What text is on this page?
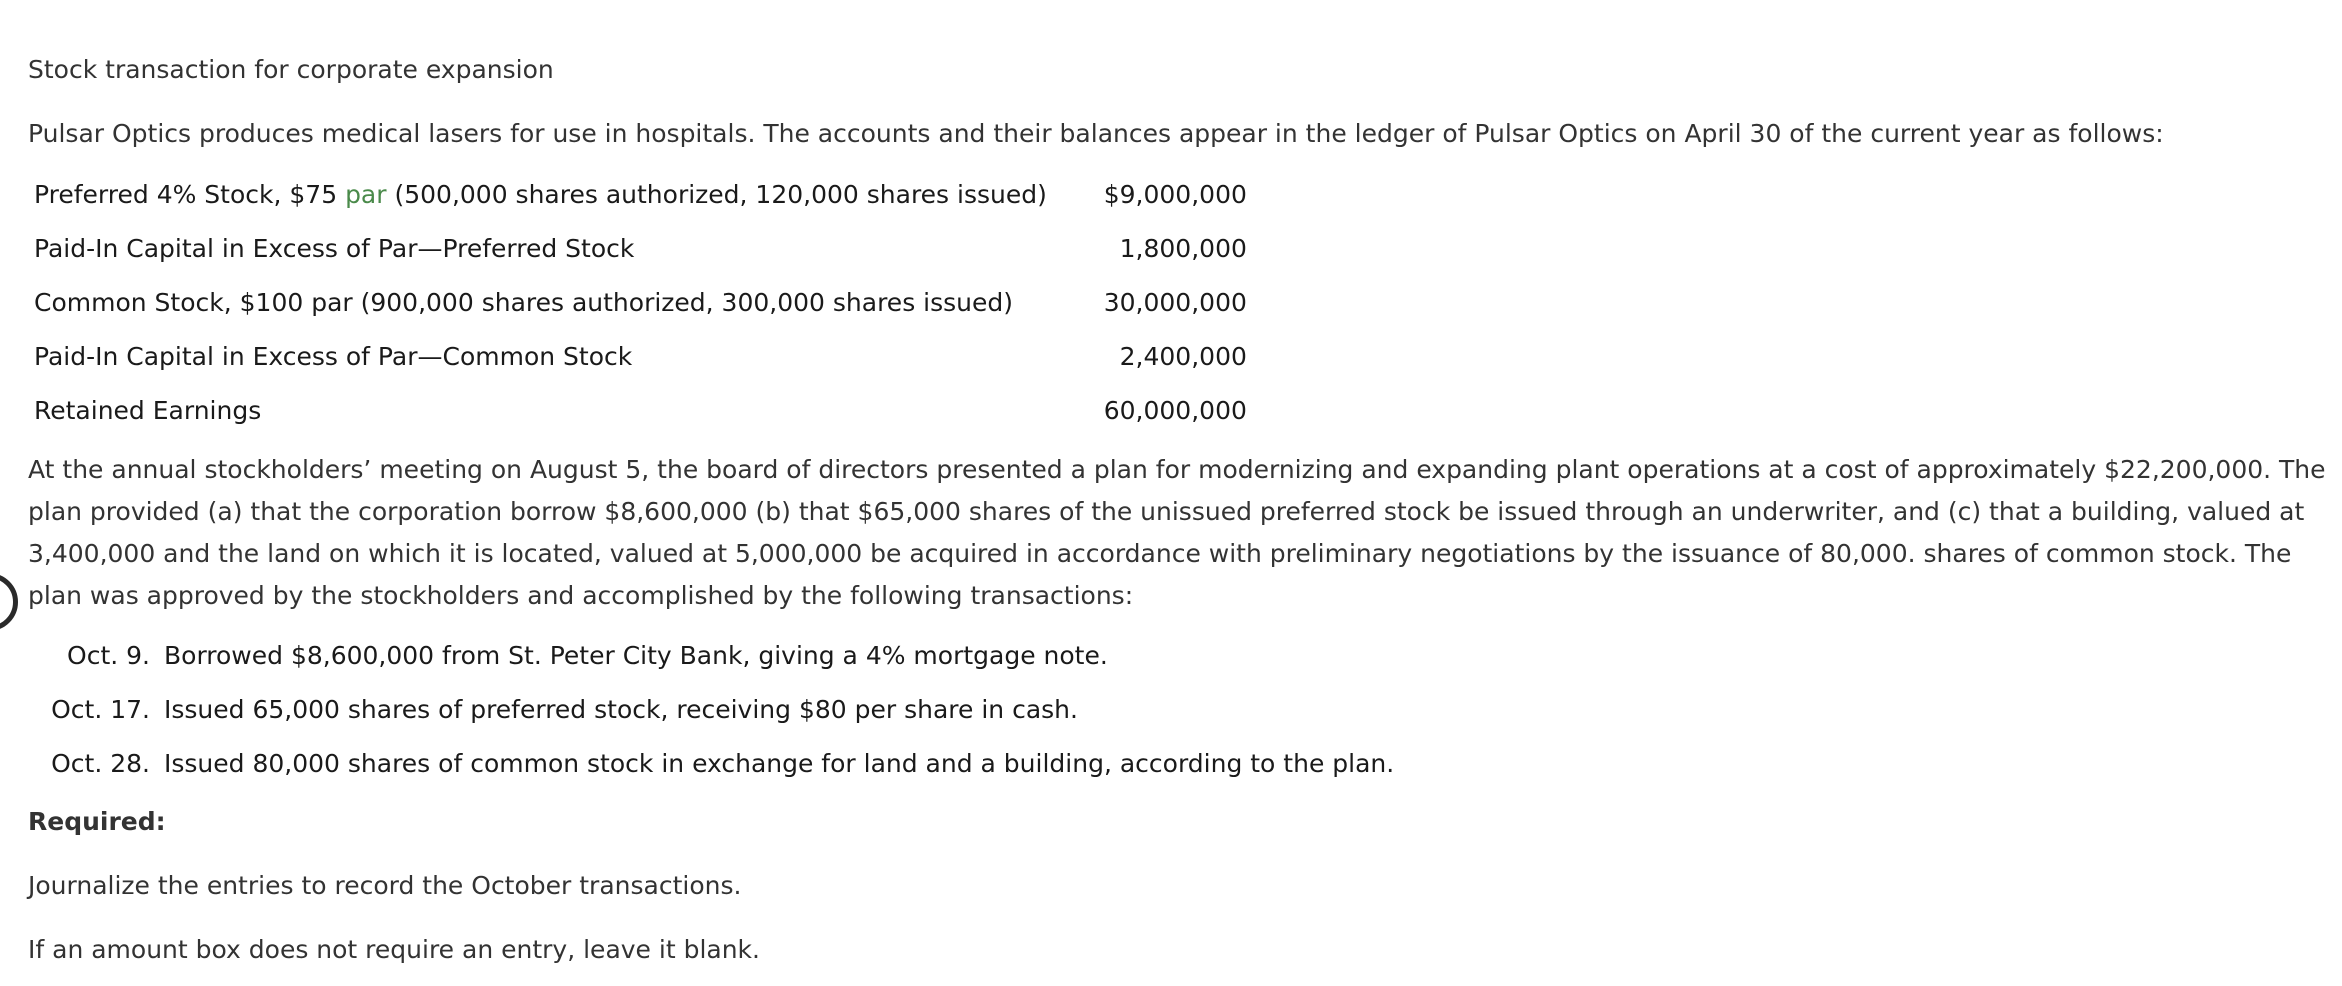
Stock transaction for corporate expansion
Pulsar Optics produces medical lasers for use in hospitals. The accounts and their balances appear in the ledger of Pulsar Optics on April 30 of the current year as follows:
Preferred 4% Stock, $75 par (500,000 shares authorized, 120,000 shares issued)	$9,000,000
Paid-In Capital in Excess of Par—Preferred Stock	1,800,000
Common Stock, $100 par (900,000 shares authorized, 300,000 shares issued)	30,000,000
Paid-In Capital in Excess of Par—Common Stock	2,400,000
Retained Earnings	60,000,000
At the annual stockholders’ meeting on August 5, the board of directors presented a plan for modernizing and expanding plant operations at a cost of approximately $22,200,000. The plan provided (a) that the corporation borrow $8,600,000 (b) that $65,000 shares of the unissued preferred stock be issued through an underwriter, and (c) that a building, valued at 3,400,000 and the land on which it is located, valued at 5,000,000 be acquired in accordance with preliminary negotiations by the issuance of 80,000. shares of common stock. The plan was approved by the stockholders and accomplished by the following transactions:
Oct. 9.	Borrowed $8,600,000 from St. Peter City Bank, giving a 4% mortgage note.
Oct. 17.	Issued 65,000 shares of preferred stock, receiving $80 per share in cash.
Oct. 28.	Issued 80,000 shares of common stock in exchange for land and a building, according to the plan.
Required:
Journalize the entries to record the October transactions.
If an amount box does not require an entry, leave it blank.
